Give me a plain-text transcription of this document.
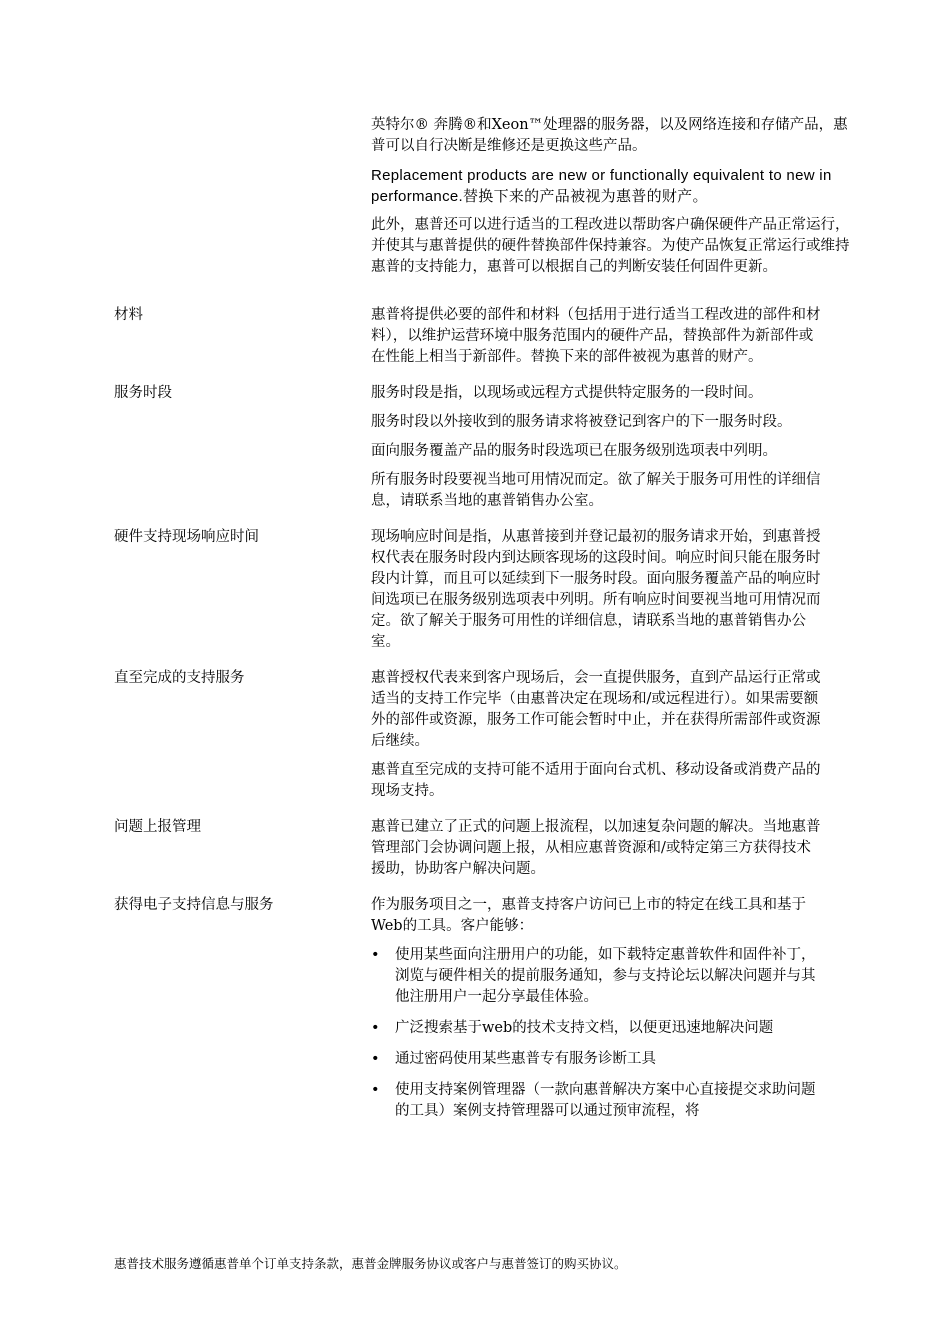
英特尔® 奔腾®和Xeon™处理器的服务器，以及网络连接和存储产品，惠普可以自行决断是维修还是更换这些产品。

Replacement products are new or functionally equivalent to new in performance.替换下来的产品被视为惠普的财产。

此外，惠普还可以进行适当的工程改进以帮助客户确保硬件产品正常运行，并使其与惠普提供的硬件替换部件保持兼容。为使产品恢复正常运行或维持惠普的支持能力，惠普可以根据自己的判断安装任何固件更新。

材料	惠普将提供必要的部件和材料（包括用于进行适当工程改进的部件和材料），以维护运营环境中服务范围内的硬件产品，替换部件为新部件或在性能上相当于新部件。替换下来的部件被视为惠普的财产。

服务时段	服务时段是指，以现场或远程方式提供特定服务的一段时间。

服务时段以外接收到的服务请求将被登记到客户的下一服务时段。

面向服务覆盖产品的服务时段选项已在服务级别选项表中列明。

所有服务时段要视当地可用情况而定。欲了解关于服务可用性的详细信息，请联系当地的惠普销售办公室。

硬件支持现场响应时间	现场响应时间是指，从惠普接到并登记最初的服务请求开始，到惠普授权代表在服务时段内到达顾客现场的这段时间。响应时间只能在服务时段内计算，而且可以延续到下一服务时段。面向服务覆盖产品的响应时间选项已在服务级别选项表中列明。所有响应时间要视当地可用情况而定。欲了解关于服务可用性的详细信息，请联系当地的惠普销售办公室。

直至完成的支持服务	惠普授权代表来到客户现场后，会一直提供服务，直到产品运行正常或适当的支持工作完毕（由惠普决定在现场和/或远程进行）。如果需要额外的部件或资源，服务工作可能会暂时中止，并在获得所需部件或资源后继续。

惠普直至完成的支持可能不适用于面向台式机、移动设备或消费产品的现场支持。

问题上报管理	惠普已建立了正式的问题上报流程，以加速复杂问题的解决。当地惠普管理部门会协调问题上报，从相应惠普资源和/或特定第三方获得技术援助，协助客户解决问题。

获得电子支持信息与服务	作为服务项目之一，惠普支持客户访问已上市的特定在线工具和基于Web的工具。客户能够：

• 使用某些面向注册用户的功能，如下载特定惠普软件和固件补丁，浏览与硬件相关的提前服务通知，参与支持论坛以解决问题并与其他注册用户一起分享最佳体验。
• 广泛搜索基于web的技术支持文档，以便更迅速地解决问题
• 通过密码使用某些惠普专有服务诊断工具
• 使用支持案例管理器（一款向惠普解决方案中心直接提交求助问题的工具）案例支持管理器可以通过预审流程，将
惠普技术服务遵循惠普单个订单支持条款，惠普金牌服务协议或客户与惠普签订的购买协议。
